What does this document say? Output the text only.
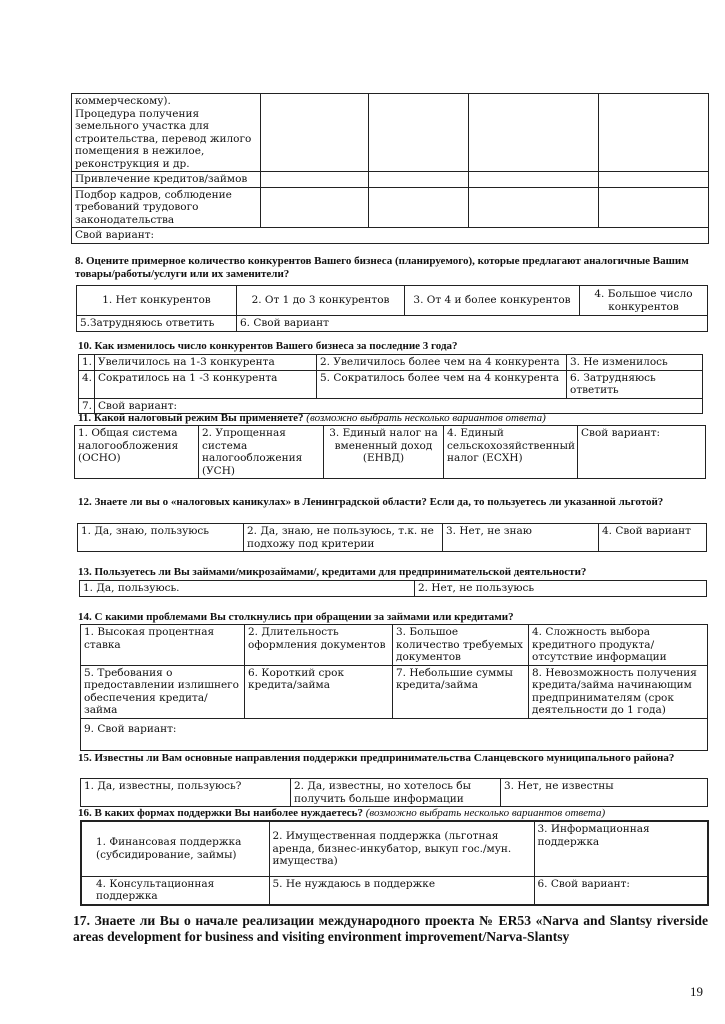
коммерческому).
Процедура получения земельного участка для строительства, перевод жилого помещения в нежилое, реконструкция и др.				
Привлечение кредитов/займов				
Подбор кадров, соблюдение требований трудового законодательства				
Свой вариант:				

8. Оцените примерное количество конкурентов Вашего бизнеса (планируемого), которые предлагают аналогичные Вашим товары/работы/услуги или их заменители?

1. Нет конкурентов	2. От 1 до 3 конкурентов	3. От 4 и более конкурентов	4. Большое число конкурентов
5.Затрудняюсь ответить	6. Свой вариант		

10. Как изменилось число конкурентов Вашего бизнеса за последние 3 года?

1.	Увеличилось на 1-3 конкурента	2. Увеличилось более чем на 4 конкурента	3. Не изменилось
4.	Сократилось на 1 -3 конкурента	5. Сократилось более чем на 4 конкурента	6. Затрудняюсь ответить
7.	Свой вариант:		

11. Какой налоговый режим Вы применяете? (возможно выбрать несколько вариантов ответа)

1. Общая система налогообложения (ОСНО)	2. Упрощенная система налогообложения (УСН)	3. Единый налог на вмененный доход (ЕНВД)	4. Единый сельскохозяйственный налог (ЕСХН)	Свой вариант:

12. Знаете ли вы о «налоговых каникулах» в Ленинградской области? Если да, то пользуетесь ли указанной льготой?

1. Да, знаю, пользуюсь	2. Да, знаю, не пользуюсь, т.к. не подхожу под критерии	3. Нет, не знаю	4. Свой вариант

13. Пользуетесь ли Вы займами/микрозаймами/, кредитами для предпринимательской деятельности?

1. Да, пользуюсь.	2. Нет, не пользуюсь

14. С какими проблемами Вы столкнулись при обращении за займами или кредитами?

1. Высокая процентная ставка	2. Длительность оформления документов	3. Большое количество требуемых документов	4. Сложность выбора кредитного продукта/ отсутствие информации
5. Требования о предоставлении излишнего обеспечения кредита/займа	6. Короткий срок кредита/займа	7. Небольшие суммы кредита/займа	8. Невозможность получения кредита/займа начинающим предпринимателям (срок деятельности до 1 года)
9. Свой вариант:			

15. Известны ли Вам основные направления поддержки предпринимательства Сланцевского муниципального района?

1. Да, известны, пользуюсь?	2. Да, известны, но хотелось бы получить больше информации	3. Нет, не известны

16. В каких формах поддержки Вы наиболее нуждаетесь? (возможно выбрать несколько вариантов ответа)

1. Финансовая поддержка (субсидирование, займы)	2. Имущественная поддержка (льготная аренда, бизнес-инкубатор, выкуп гос./мун. имущества)	3. Информационная поддержка
4. Консультационная поддержка	5. Не нуждаюсь в поддержке	6. Свой вариант:

17. Знаете ли Вы о начале реализации международного проекта № ER53 «Narva and Slantsy riverside areas development for business and visiting environment improvement/Narva-Slantsy

19
